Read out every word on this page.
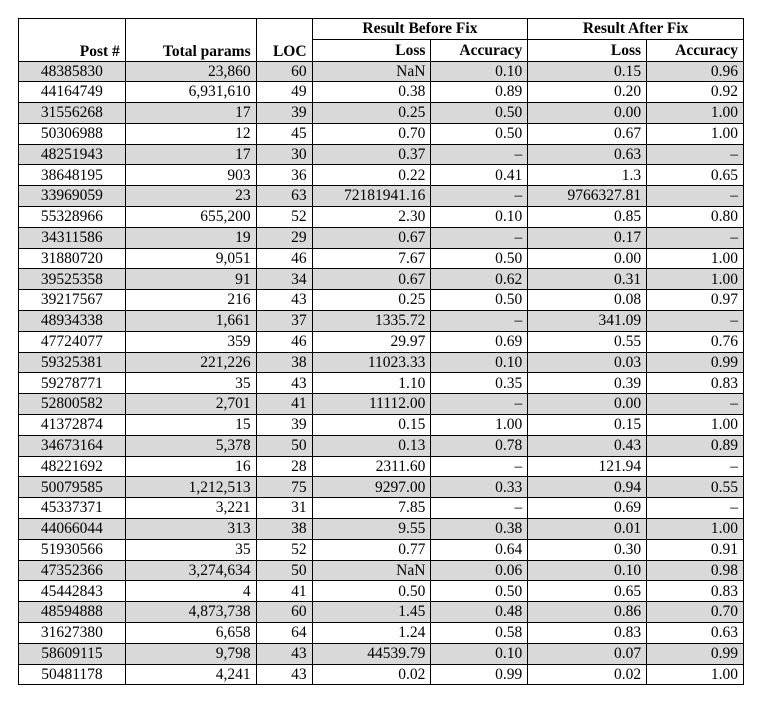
			Result Before Fix		Result After Fix	
Post #	Total params	LOC	Loss	Accuracy	Loss	Accuracy
48385830	23,860	60	NaN	0.10	0.15	0.96
44164749	6,931,610	49	0.38	0.89	0.20	0.92
31556268	17	39	0.25	0.50	0.00	1.00
50306988	12	45	0.70	0.50	0.67	1.00
48251943	17	30	0.37	–	0.63	–
38648195	903	36	0.22	0.41	1.3	0.65
33969059	23	63	72181941.16	–	9766327.81	–
55328966	655,200	52	2.30	0.10	0.85	0.80
34311586	19	29	0.67	–	0.17	–
31880720	9,051	46	7.67	0.50	0.00	1.00
39525358	91	34	0.67	0.62	0.31	1.00
39217567	216	43	0.25	0.50	0.08	0.97
48934338	1,661	37	1335.72	–	341.09	–
47724077	359	46	29.97	0.69	0.55	0.76
59325381	221,226	38	11023.33	0.10	0.03	0.99
59278771	35	43	1.10	0.35	0.39	0.83
52800582	2,701	41	11112.00	–	0.00	–
41372874	15	39	0.15	1.00	0.15	1.00
34673164	5,378	50	0.13	0.78	0.43	0.89
48221692	16	28	2311.60	–	121.94	–
50079585	1,212,513	75	9297.00	0.33	0.94	0.55
45337371	3,221	31	7.85	–	0.69	–
44066044	313	38	9.55	0.38	0.01	1.00
51930566	35	52	0.77	0.64	0.30	0.91
47352366	3,274,634	50	NaN	0.06	0.10	0.98
45442843	4	41	0.50	0.50	0.65	0.83
48594888	4,873,738	60	1.45	0.48	0.86	0.70
31627380	6,658	64	1.24	0.58	0.83	0.63
58609115	9,798	43	44539.79	0.10	0.07	0.99
50481178	4,241	43	0.02	0.99	0.02	1.00
